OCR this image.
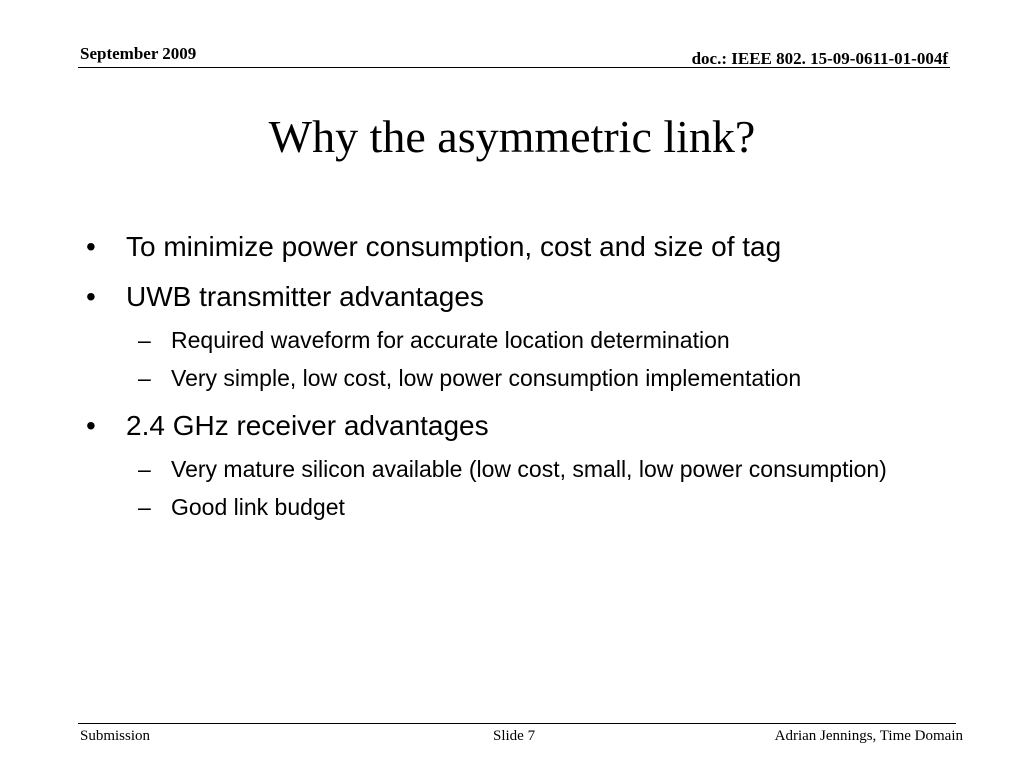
September 2009	doc.: IEEE 802. 15-09-0611-01-004f
Why the asymmetric link?
• To minimize power consumption, cost and size of tag
• UWB transmitter advantages
– Required waveform for accurate location determination
– Very simple, low cost, low power consumption implementation
• 2.4 GHz receiver advantages
– Very mature silicon available (low cost, small, low power consumption)
– Good link budget
Submission	Slide 7	Adrian Jennings, Time Domain
